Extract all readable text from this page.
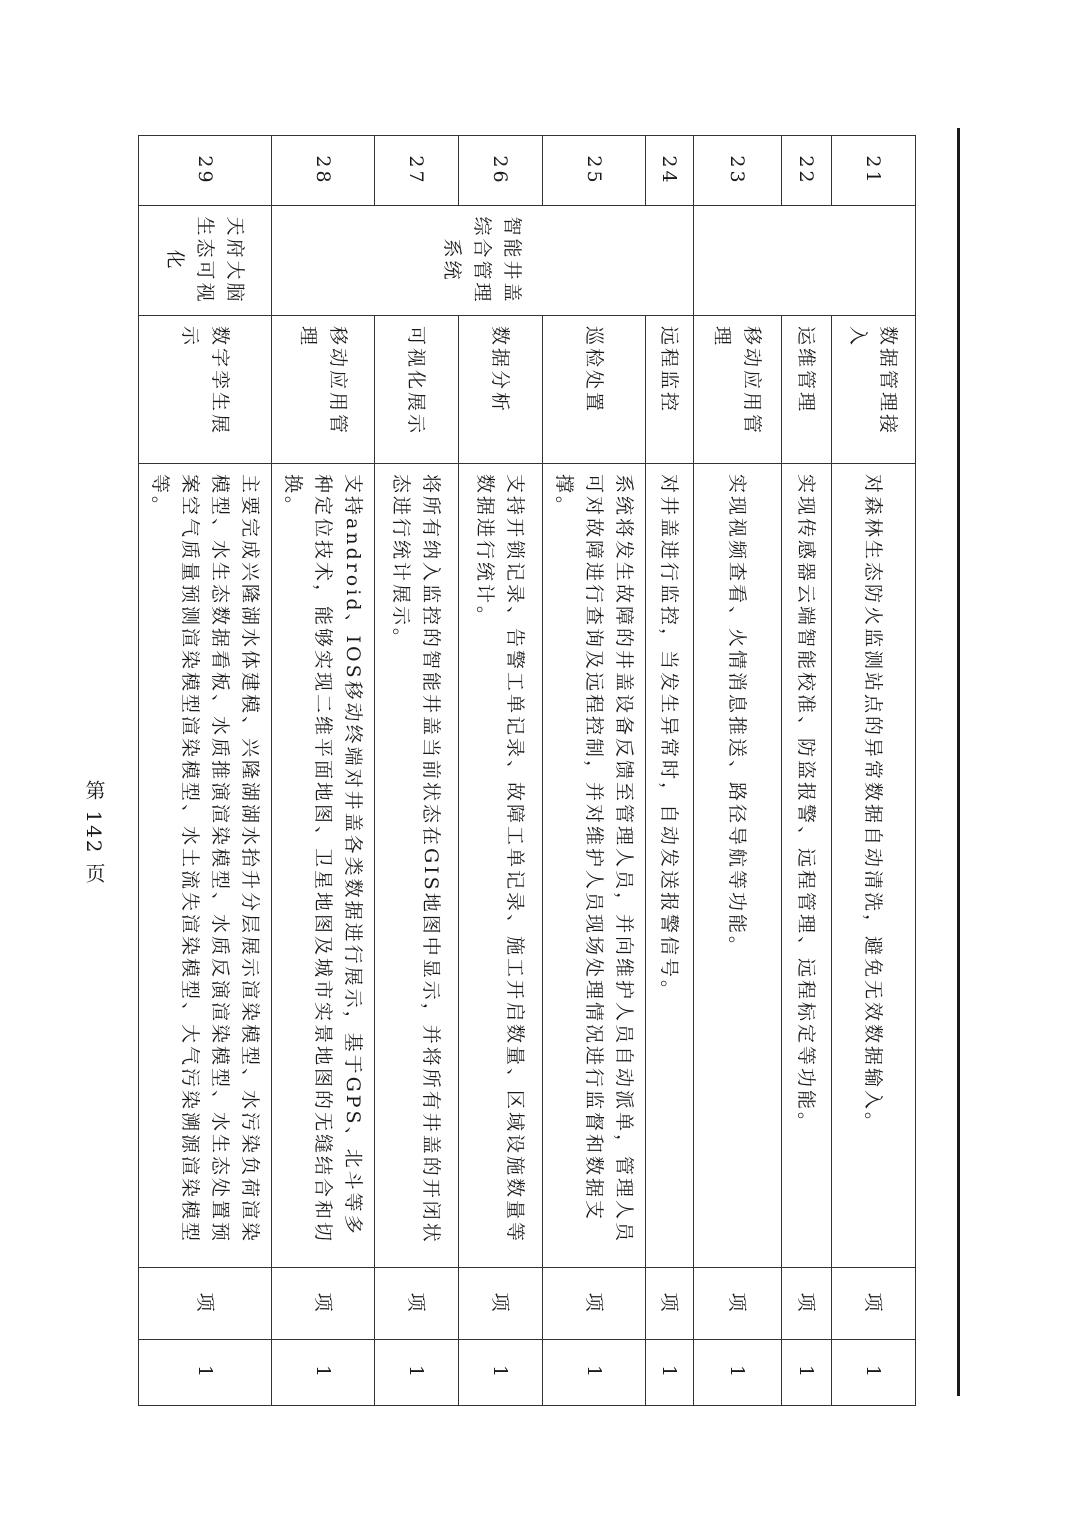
21		数据管理接入	对森林生态防火监测站点的异常数据自动清洗，避免无效数据输入。	项	1
22		运维管理	实现传感器云端智能校准、防盗报警、远程管理、远程标定等功能。	项	1
23		移动应用管理	实现视频查看、火情消息推送、路径导航等功能。	项	1
24	智能井盖综合管理系统	远程监控	对井盖进行监控，当发生异常时，自动发送报警信号。	项	1
25		巡检处置	系统将发生故障的井盖设备反馈至管理人员，并向维护人员自动派单，管理人员可对故障进行查询及远程控制，并对维护人员现场处理情况进行监督和数据支撑。	项	1
26		数据分析	支持开锁记录、告警工单记录、故障工单记录、施工开启数量、区域设施数量等数据进行统计。	项	1
27		可视化展示	将所有纳入监控的智能井盖当前状态在GIS地图中显示，并将所有井盖的开闭状态进行统计展示。	项	1
28		移动应用管理	支持android、IOS移动终端对井盖各类数据进行展示，基于GPS、北斗等多种定位技术，能够实现二维平面地图、卫星地图及城市实景地图的无缝结合和切换。	项	1
29	天府大脑生态可视化	数字孪生展示	主要完成兴隆湖水体建模、兴隆湖湖水抬升分层展示渲染模型、水污染负荷渲染模型、水生态数据看板、水质推演渲染模型、水质反演渲染模型、水生态处置预案空气质量预测渲染模型渲染模型、水土流失渲染模型、大气污染溯源渲染模型等。	项	1
第 142 页
